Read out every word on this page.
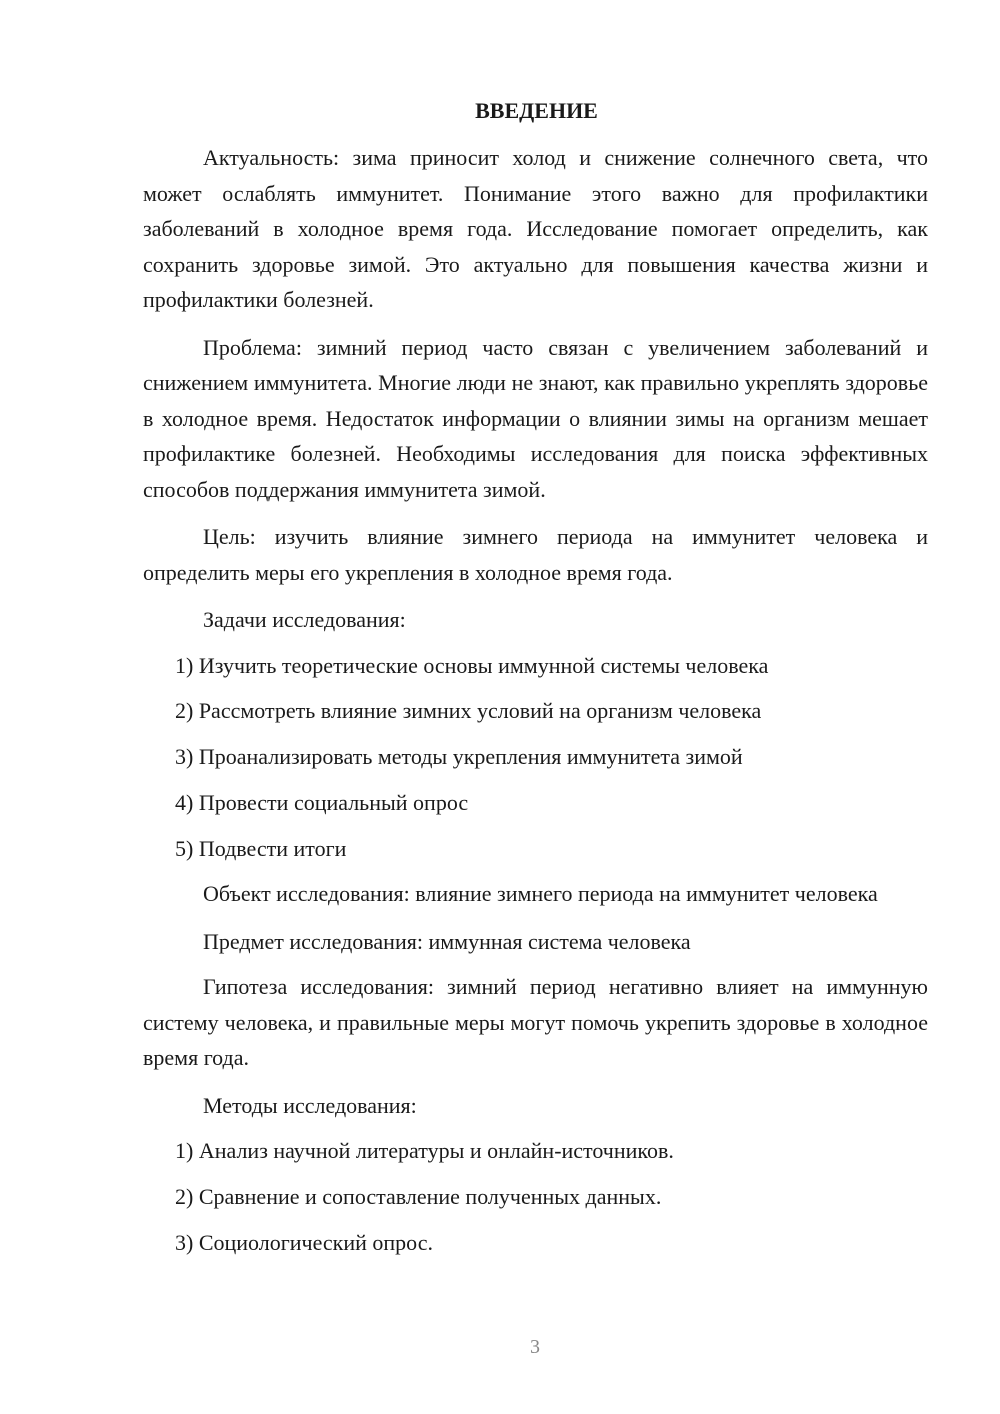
ВВЕДЕНИЕ

Актуальность: зима приносит холод и снижение солнечного света, что может ослаблять иммунитет. Понимание этого важно для профилактики заболеваний в холодное время года. Исследование помогает определить, как сохранить здоровье зимой. Это актуально для повышения качества жизни и профилактики болезней.

Проблема: зимний период часто связан с увеличением заболеваний и снижением иммунитета. Многие люди не знают, как правильно укреплять здоровье в холодное время. Недостаток информации о влиянии зимы на организм мешает профилактике болезней. Необходимы исследования для поиска эффективных способов поддержания иммунитета зимой.

Цель: изучить влияние зимнего периода на иммунитет человека и определить меры его укрепления в холодное время года.

Задачи исследования:

1) Изучить теоретические основы иммунной системы человека
2) Рассмотреть влияние зимних условий на организм человека
3) Проанализировать методы укрепления иммунитета зимой
4) Провести социальный опрос
5) Подвести итоги

Объект исследования: влияние зимнего периода на иммунитет человека

Предмет исследования: иммунная система человека

Гипотеза исследования: зимний период негативно влияет на иммунную систему человека, и правильные меры могут помочь укрепить здоровье в холодное время года.

Методы исследования:

1) Анализ научной литературы и онлайн-источников.
2) Сравнение и сопоставление полученных данных.
3) Социологический опрос.
3
